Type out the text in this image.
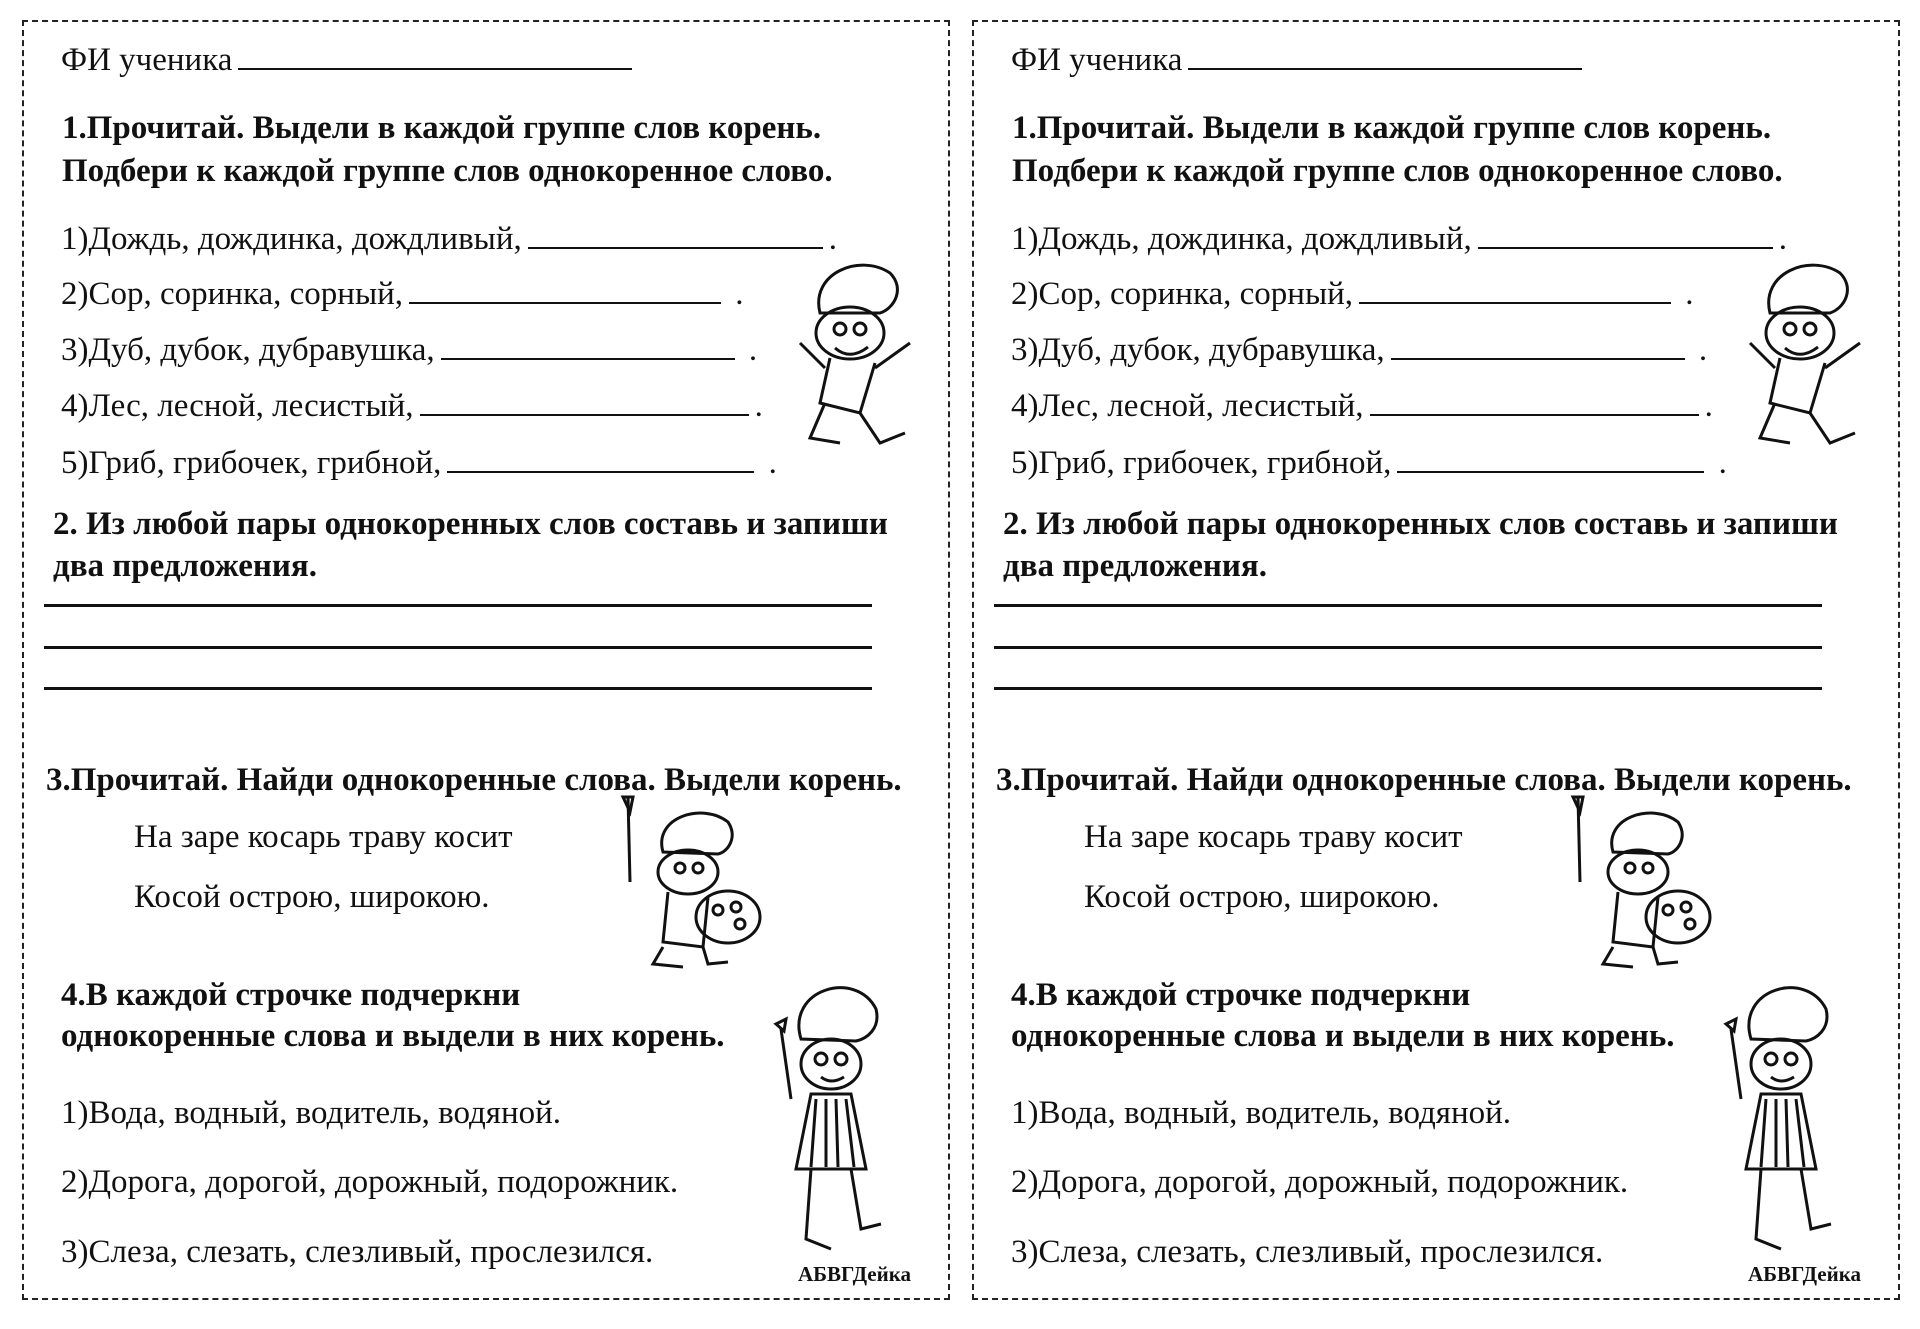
ФИ ученика
1.Прочитай. Выдели в каждой группе слов корень.
Подбери к каждой группе слов однокоренное слово.
1)Дождь, дождинка, дождливый,	.
2)Сор, соринка, сорный,	.
3)Дуб, дубок, дубравушка,	.
4)Лес, лесной, лесистый,	.
5)Гриб, грибочек, грибной,	.
2. Из любой пары однокоренных слов составь и запиши
два предложения.
3.Прочитай. Найди однокоренные слова. Выдели корень.
На заре косарь траву косит
Косой острою, широкою.
4.В каждой строчке подчеркни
однокоренные слова и выдели в них корень.
1)Вода, водный, водитель, водяной.
2)Дорога, дорогой, дорожный, подорожник.
3)Слеза, слезать, слезливый, прослезился.
АБВГДейка
ФИ ученика
1.Прочитай. Выдели в каждой группе слов корень.
Подбери к каждой группе слов однокоренное слово.
1)Дождь, дождинка, дождливый,	.
2)Сор, соринка, сорный,	.
3)Дуб, дубок, дубравушка,	.
4)Лес, лесной, лесистый,	.
5)Гриб, грибочек, грибной,	.
2. Из любой пары однокоренных слов составь и запиши
два предложения.
3.Прочитай. Найди однокоренные слова. Выдели корень.
На заре косарь траву косит
Косой острою, широкою.
4.В каждой строчке подчеркни
однокоренные слова и выдели в них корень.
1)Вода, водный, водитель, водяной.
2)Дорога, дорогой, дорожный, подорожник.
3)Слеза, слезать, слезливый, прослезился.
АБВГДейка
